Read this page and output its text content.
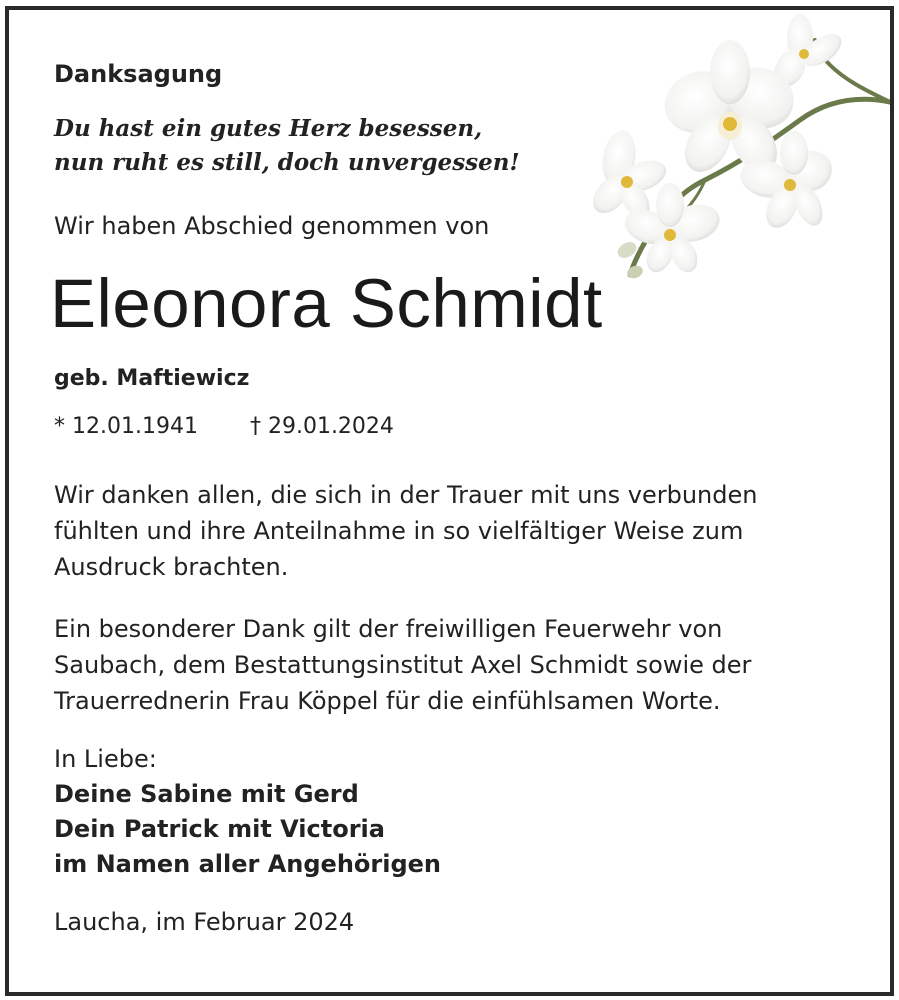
Danksagung
Du hast ein gutes Herz besessen,
nun ruht es still, doch unvergessen!
Wir haben Abschied genommen von
Eleonora Schmidt
geb. Maftiewicz
* 12.01.1941 † 29.01.2024
Wir danken allen, die sich in der Trauer mit uns verbunden
fühlten und ihre Anteilnahme in so vielfältiger Weise zum
Ausdruck brachten.
Ein besonderer Dank gilt der freiwilligen Feuerwehr von
Saubach, dem Bestattungsinstitut Axel Schmidt sowie der
Trauerrednerin Frau Köppel für die einfühlsamen Worte.
In Liebe:
Deine Sabine mit Gerd
Dein Patrick mit Victoria
im Namen aller Angehörigen
Laucha, im Februar 2024
